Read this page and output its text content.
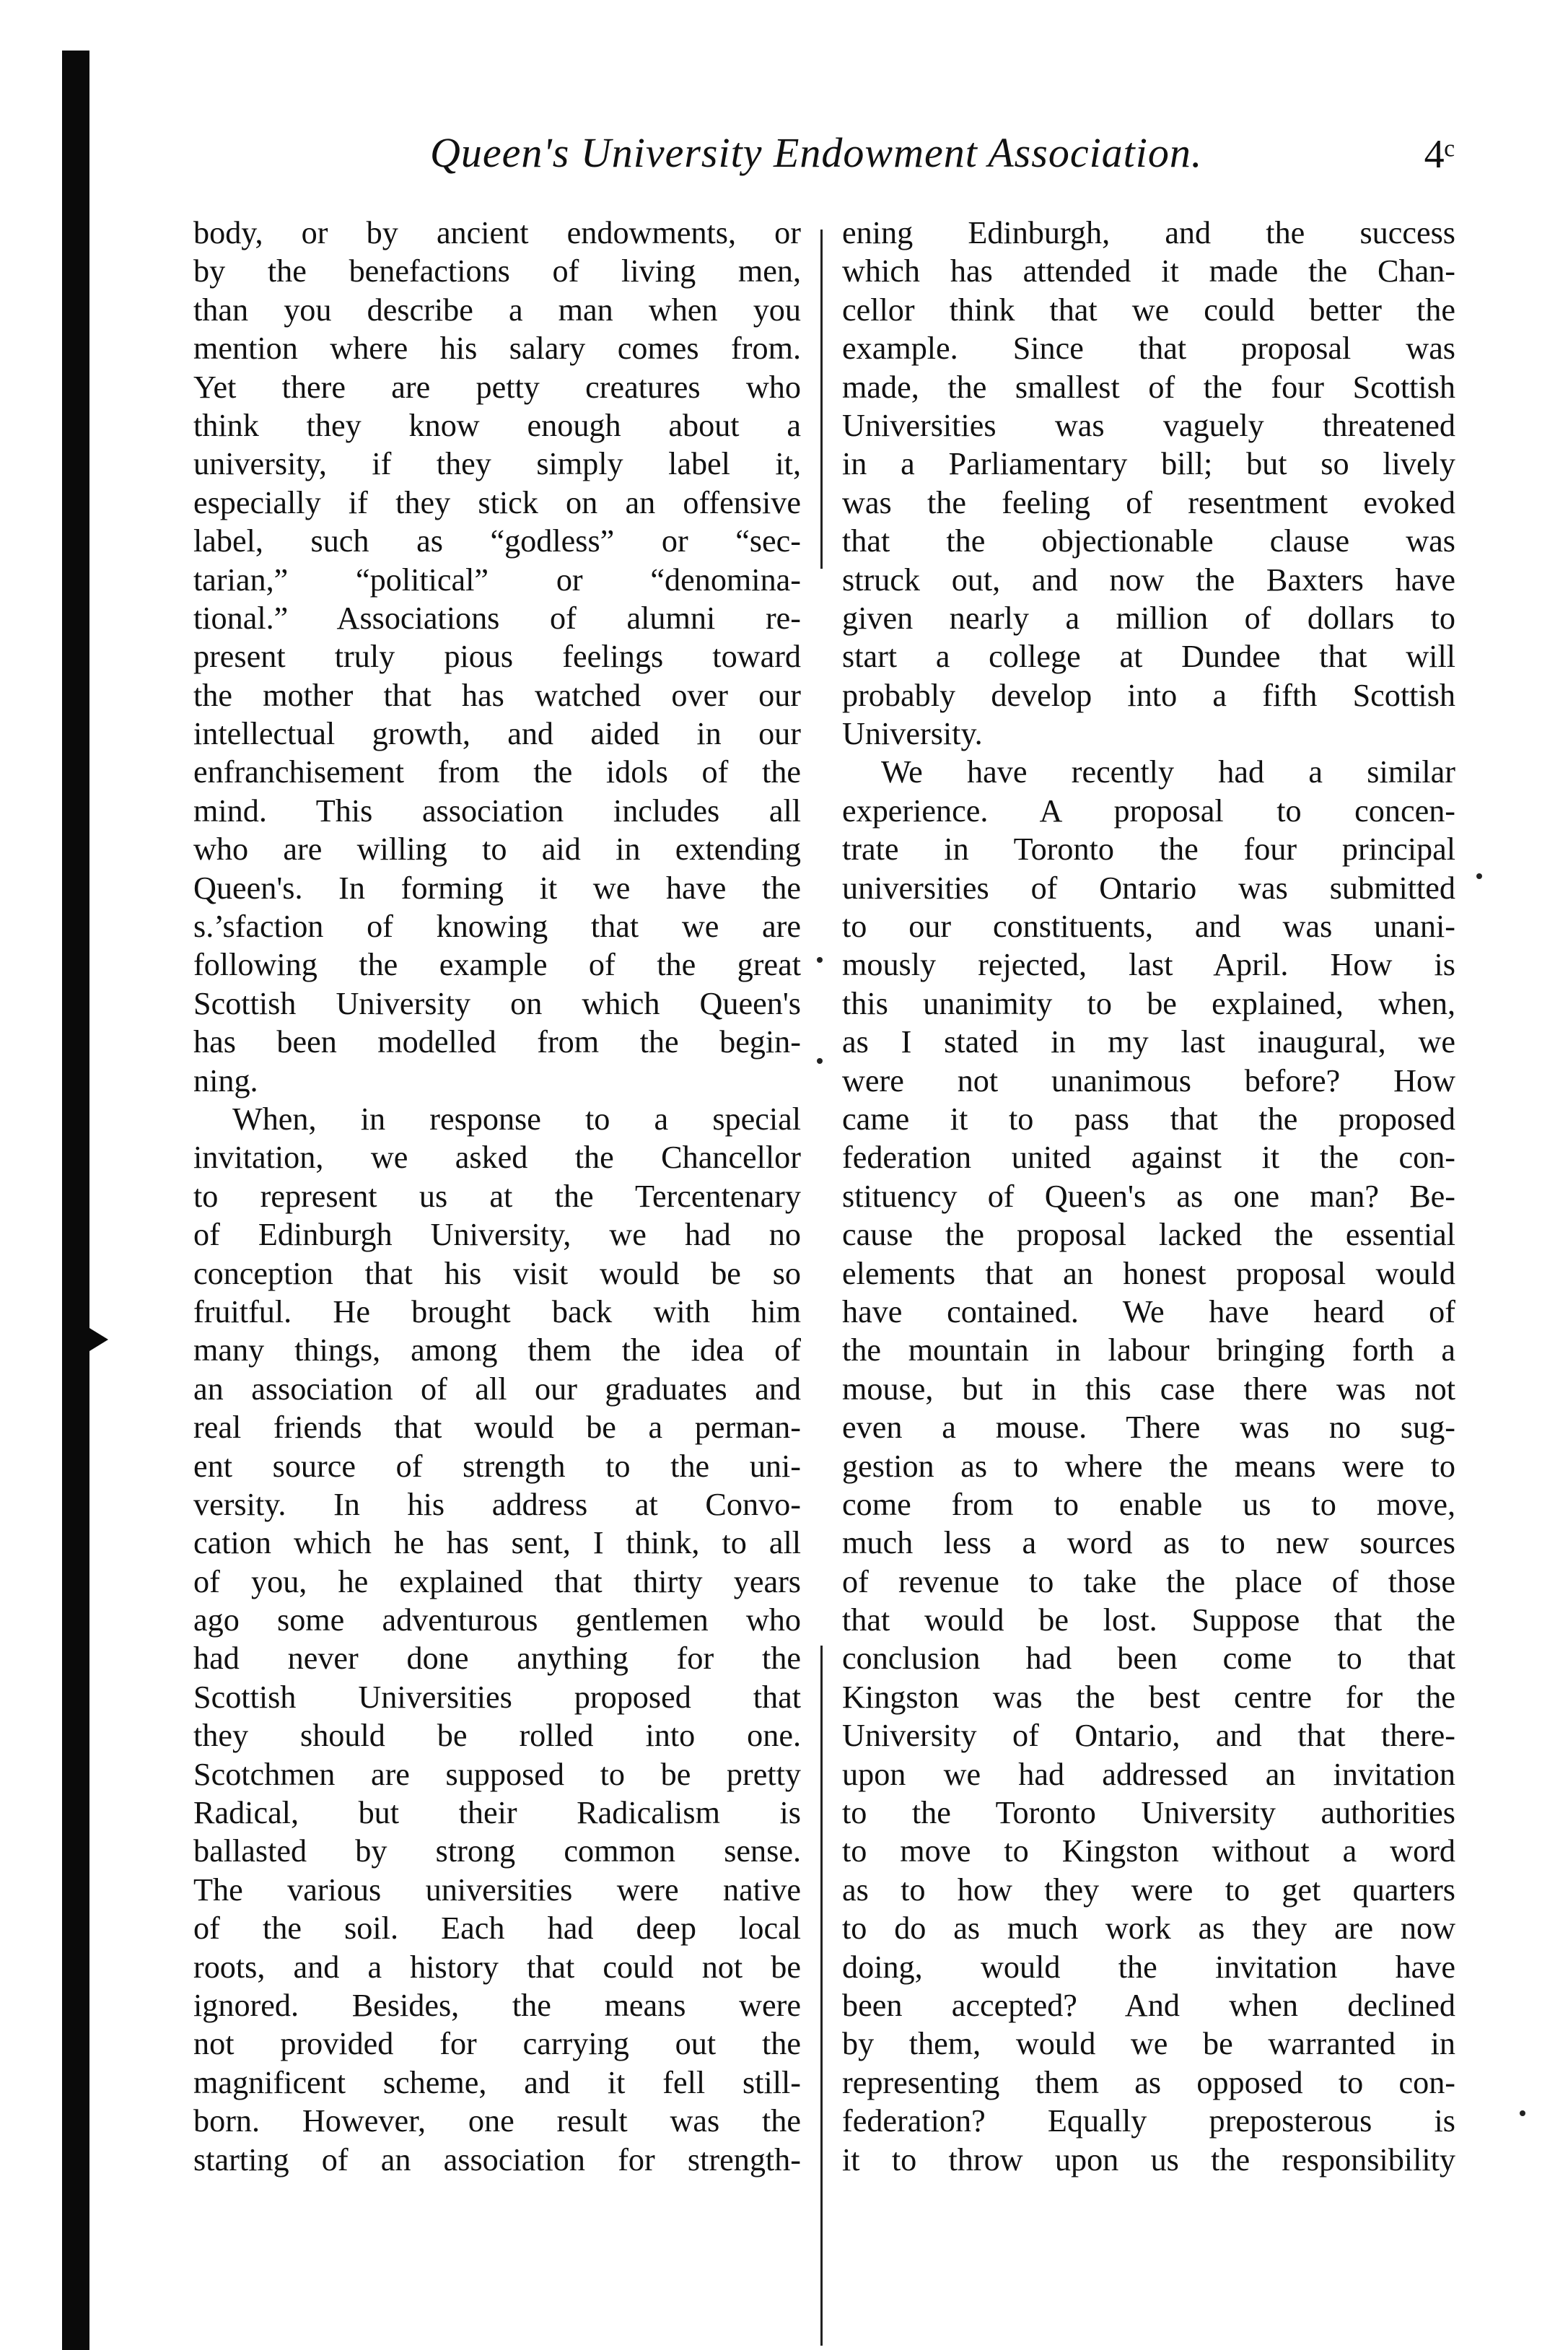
Queen's University Endowment Association.	4ᶜ
body, or by ancient endowments, or
by the benefactions of living men,
than you describe a man when you
mention where his salary comes from.
Yet there are petty creatures who
think they know enough about a
university, if they simply label it,
especially if they stick on an offensive
label, such as “godless” or “sec-
tarian,” “political” or “denomina-
tional.” Associations of alumni re-
present truly pious feelings toward
the mother that has watched over our
intellectual growth, and aided in our
enfranchisement from the idols of the
mind. This association includes all
who are willing to aid in extending
Queen's. In forming it we have the
s.’sfaction of knowing that we are
following the example of the great
Scottish University on which Queen's
has been modelled from the begin-
ning.
When, in response to a special
invitation, we asked the Chancellor
to represent us at the Tercentenary
of Edinburgh University, we had no
conception that his visit would be so
fruitful. He brought back with him
many things, among them the idea of
an association of all our graduates and
real friends that would be a perman-
ent source of strength to the uni-
versity. In his address at Convo-
cation which he has sent, I think, to all
of you, he explained that thirty years
ago some adventurous gentlemen who
had never done anything for the
Scottish Universities proposed that
they should be rolled into one.
Scotchmen are supposed to be pretty
Radical, but their Radicalism is
ballasted by strong common sense.
The various universities were native
of the soil. Each had deep local
roots, and a history that could not be
ignored. Besides, the means were
not provided for carrying out the
magnificent scheme, and it fell still-
born. However, one result was the
starting of an association for strength-
ening Edinburgh, and the success
which has attended it made the Chan-
cellor think that we could better the
example. Since that proposal was
made, the smallest of the four Scottish
Universities was vaguely threatened
in a Parliamentary bill; but so lively
was the feeling of resentment evoked
that the objectionable clause was
struck out, and now the Baxters have
given nearly a million of dollars to
start a college at Dundee that will
probably develop into a fifth Scottish
University.
We have recently had a similar
experience. A proposal to concen-
trate in Toronto the four principal
universities of Ontario was submitted
to our constituents, and was unani-
mously rejected, last April. How is
this unanimity to be explained, when,
as I stated in my last inaugural, we
were not unanimous before? How
came it to pass that the proposed
federation united against it the con-
stituency of Queen's as one man? Be-
cause the proposal lacked the essential
elements that an honest proposal would
have contained. We have heard of
the mountain in labour bringing forth a
mouse, but in this case there was not
even a mouse. There was no sug-
gestion as to where the means were to
come from to enable us to move,
much less a word as to new sources
of revenue to take the place of those
that would be lost. Suppose that the
conclusion had been come to that
Kingston was the best centre for the
University of Ontario, and that there-
upon we had addressed an invitation
to the Toronto University authorities
to move to Kingston without a word
as to how they were to get quarters
to do as much work as they are now
doing, would the invitation have
been accepted? And when declined
by them, would we be warranted in
representing them as opposed to con-
federation? Equally preposterous is
it to throw upon us the responsibility
